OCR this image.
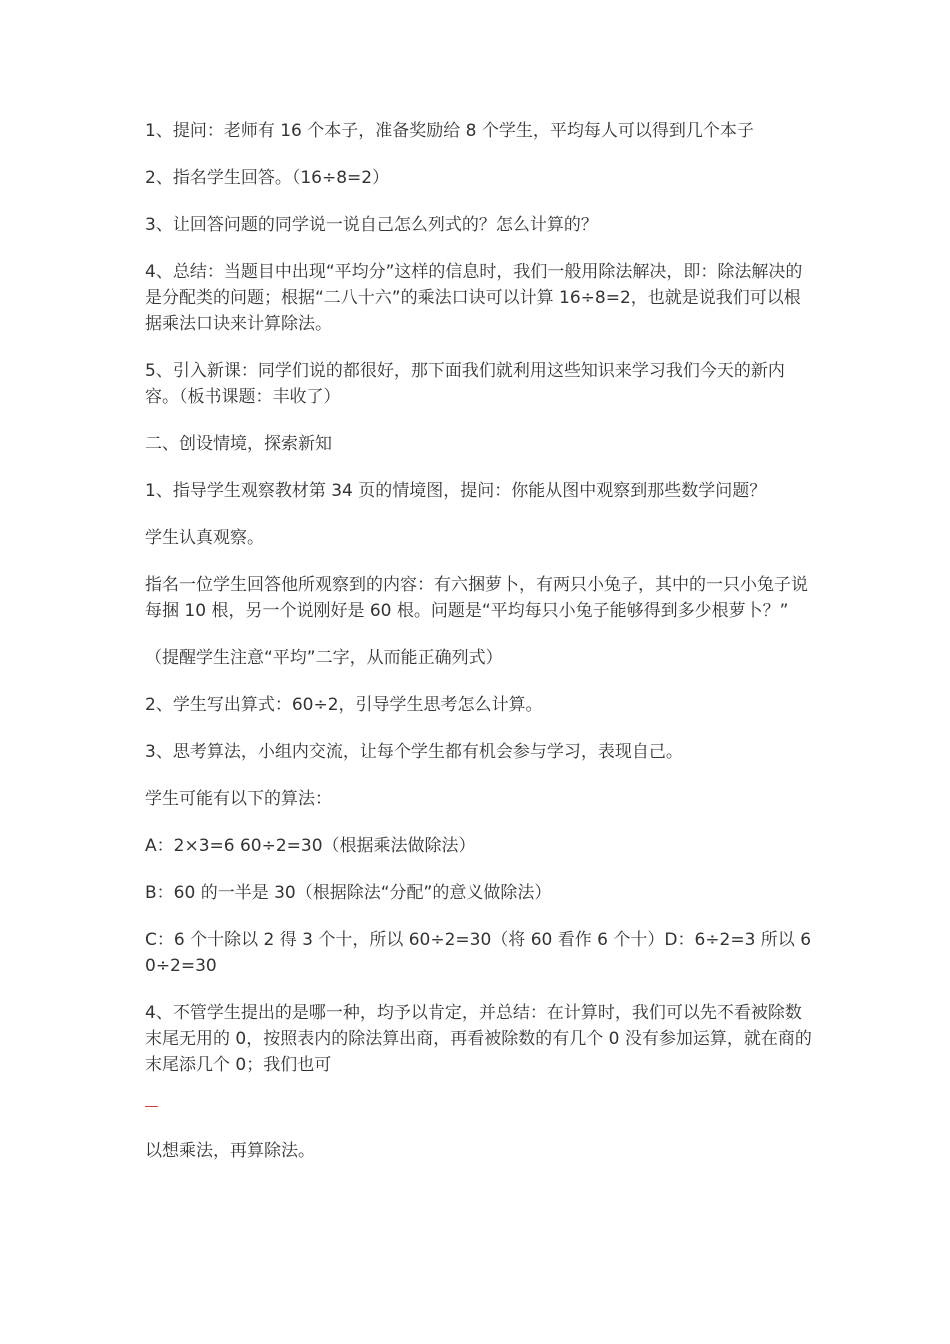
1、提问：老师有 16 个本子，准备奖励给 8 个学生，平均每人可以得到几个本子

2、指名学生回答。（16÷8=2）

3、让回答问题的同学说一说自己怎么列式的？怎么计算的？

4、总结：当题目中出现“平均分”这样的信息时，我们一般用除法解决，即：除法解决的是分配类的问题；根据“二八十六”的乘法口诀可以计算 16÷8=2，也就是说我们可以根据乘法口诀来计算除法。

5、引入新课：同学们说的都很好，那下面我们就利用这些知识来学习我们今天的新内容。（板书课题：丰收了）

二、创设情境，探索新知

1、指导学生观察教材第 34 页的情境图，提问：你能从图中观察到那些数学问题？

学生认真观察。

指名一位学生回答他所观察到的内容：有六捆萝卜，有两只小兔子，其中的一只小兔子说每捆 10 根，另一个说刚好是 60 根。问题是“平均每只小兔子能够得到多少根萝卜？”

（提醒学生注意“平均”二字，从而能正确列式）

2、学生写出算式：60÷2，引导学生思考怎么计算。

3、思考算法，小组内交流，让每个学生都有机会参与学习，表现自己。

学生可能有以下的算法：

A：2×3=6 60÷2=30（根据乘法做除法）

B：60 的一半是 30（根据除法“分配”的意义做除法）

C：6 个十除以 2 得 3 个十，所以 60÷2=30（将 60 看作 6 个十）D：6÷2=3 所以 60÷2=30

4、不管学生提出的是哪一种，均予以肯定，并总结：在计算时，我们可以先不看被除数末尾无用的 0，按照表内的除法算出商，再看被除数的有几个 0 没有参加运算，就在商的末尾添几个 0；我们也可

以想乘法，再算除法。
